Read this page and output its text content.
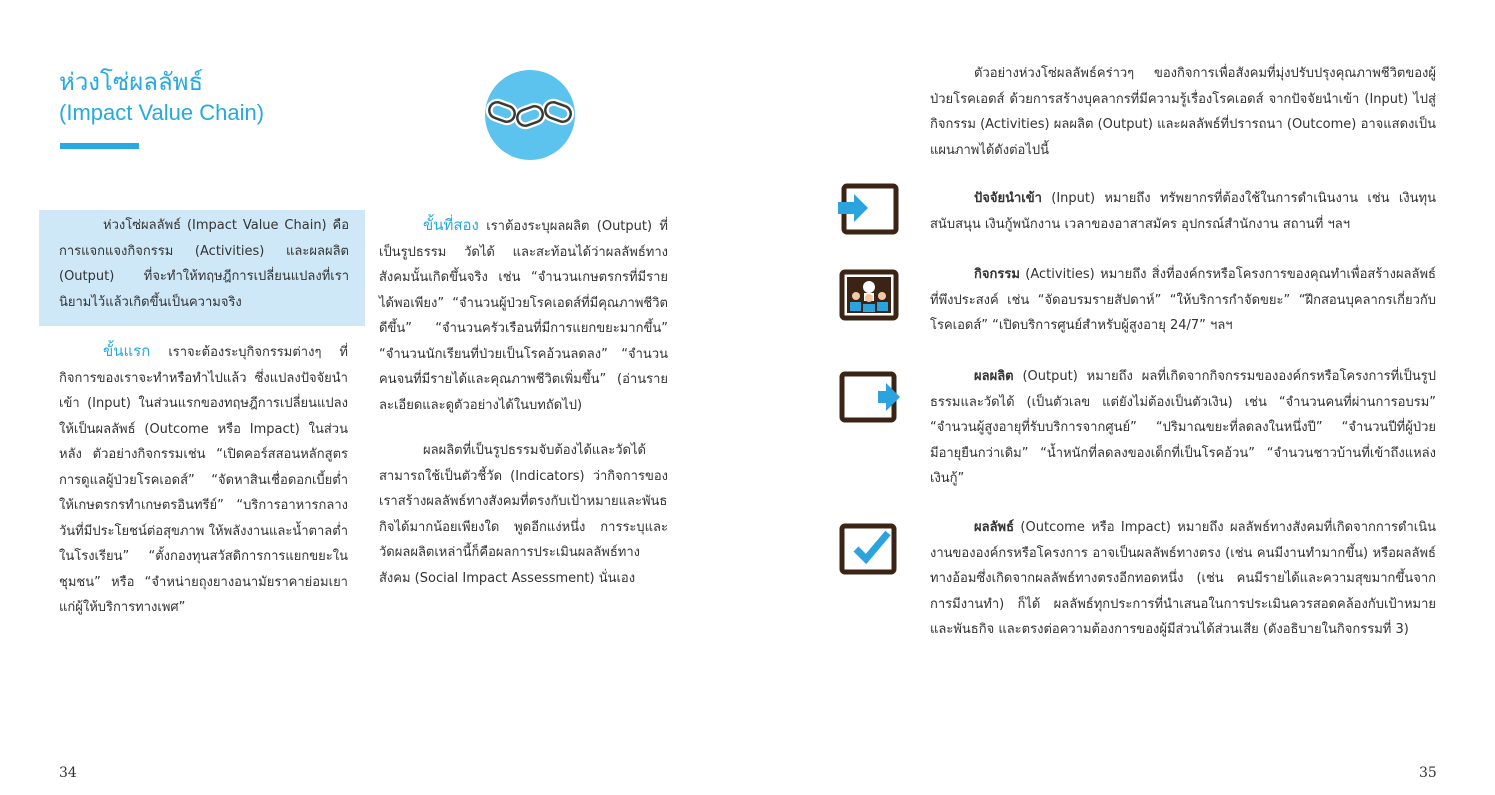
ห่วงโซ่ผลลัพธ์
(Impact Value Chain)

ห่วงโซ่ผลลัพธ์ (Impact Value Chain) คือการแจกแจงกิจกรรม (Activities) และผลผลิต (Output) ที่จะทำให้ทฤษฎีการเปลี่ยนแปลงที่เรานิยามไว้แล้วเกิดขึ้นเป็นความจริง

ขั้นแรก เราจะต้องระบุกิจกรรมต่างๆ ที่กิจการของเราจะทำหรือทำไปแล้ว ซึ่งแปลงปัจจัยนำเข้า (Input) ในส่วนแรกของทฤษฎีการเปลี่ยนแปลงให้เป็นผลลัพธ์ (Outcome หรือ Impact) ในส่วนหลัง ตัวอย่างกิจกรรมเช่น “เปิดคอร์สสอนหลักสูตรการดูแลผู้ป่วยโรคเอดส์” “จัดหาสินเชื่อดอกเบี้ยต่ำให้เกษตรกรทำเกษตรอินทรีย์” “บริการอาหารกลางวันที่มีประโยชน์ต่อสุขภาพ ให้พลังงานและน้ำตาลต่ำในโรงเรียน” “ตั้งกองทุนสวัสดิการการแยกขยะในชุมชน” หรือ “จำหน่ายถุงยางอนามัยราคาย่อมเยาแก่ผู้ให้บริการทางเพศ”

ขั้นที่สอง เราต้องระบุผลผลิต (Output) ที่เป็นรูปธรรม วัดได้ และสะท้อนได้ว่าผลลัพธ์ทางสังคมนั้นเกิดขึ้นจริง เช่น “จำนวนเกษตรกรที่มีรายได้พอเพียง” “จำนวนผู้ป่วยโรคเอดส์ที่มีคุณภาพชีวิตดีขึ้น” “จำนวนครัวเรือนที่มีการแยกขยะมากขึ้น” “จำนวนนักเรียนที่ป่วยเป็นโรคอ้วนลดลง” “จำนวนคนจนที่มีรายได้และคุณภาพชีวิตเพิ่มขึ้น” (อ่านรายละเอียดและดูตัวอย่างได้ในบทถัดไป)

ผลผลิตที่เป็นรูปธรรมจับต้องได้และวัดได้สามารถใช้เป็นตัวชี้วัด (Indicators) ว่ากิจการของเราสร้างผลลัพธ์ทางสังคมที่ตรงกับเป้าหมายและพันธกิจได้มากน้อยเพียงใด พูดอีกแง่หนึ่ง การระบุและวัดผลผลิตเหล่านี้ก็คือผลการประเมินผลลัพธ์ทางสังคม (Social Impact Assessment) นั่นเอง

34

ตัวอย่างห่วงโซ่ผลลัพธ์คร่าวๆ ของกิจการเพื่อสังคมที่มุ่งปรับปรุงคุณภาพชีวิตของผู้ป่วยโรคเอดส์ ด้วยการสร้างบุคลากรที่มีความรู้เรื่องโรคเอดส์ จากปัจจัยนำเข้า (Input) ไปสู่กิจกรรม (Activities) ผลผลิต (Output) และผลลัพธ์ที่ปรารถนา (Outcome) อาจแสดงเป็นแผนภาพได้ดังต่อไปนี้

ปัจจัยนำเข้า (Input) หมายถึง ทรัพยากรที่ต้องใช้ในการดำเนินงาน เช่น เงินทุนสนับสนุน เงินกู้พนักงาน เวลาของอาสาสมัคร อุปกรณ์สำนักงาน สถานที่ ฯลฯ

กิจกรรม (Activities) หมายถึง สิ่งที่องค์กรหรือโครงการของคุณทำเพื่อสร้างผลลัพธ์ที่พึงประสงค์ เช่น “จัดอบรมรายสัปดาห์” “ให้บริการกำจัดขยะ” “ฝึกสอนบุคลากรเกี่ยวกับโรคเอดส์” “เปิดบริการศูนย์สำหรับผู้สูงอายุ 24/7” ฯลฯ

ผลผลิต (Output) หมายถึง ผลที่เกิดจากกิจกรรมขององค์กรหรือโครงการที่เป็นรูปธรรมและวัดได้ (เป็นตัวเลข แต่ยังไม่ต้องเป็นตัวเงิน) เช่น “จำนวนคนที่ผ่านการอบรม” “จำนวนผู้สูงอายุที่รับบริการจากศูนย์” “ปริมาณขยะที่ลดลงในหนึ่งปี” “จำนวนปีที่ผู้ป่วยมีอายุยืนกว่าเดิม” “น้ำหนักที่ลดลงของเด็กที่เป็นโรคอ้วน” “จำนวนชาวบ้านที่เข้าถึงแหล่งเงินกู้”

ผลลัพธ์ (Outcome หรือ Impact) หมายถึง ผลลัพธ์ทางสังคมที่เกิดจากการดำเนินงานขององค์กรหรือโครงการ อาจเป็นผลลัพธ์ทางตรง (เช่น คนมีงานทำมากขึ้น) หรือผลลัพธ์ทางอ้อมซึ่งเกิดจากผลลัพธ์ทางตรงอีกทอดหนึ่ง (เช่น คนมีรายได้และความสุขมากขึ้นจากการมีงานทำ) ก็ได้ ผลลัพธ์ทุกประการที่นำเสนอในการประเมินควรสอดคล้องกับเป้าหมายและพันธกิจ และตรงต่อความต้องการของผู้มีส่วนได้ส่วนเสีย (ดังอธิบายในกิจกรรมที่ 3)

35
